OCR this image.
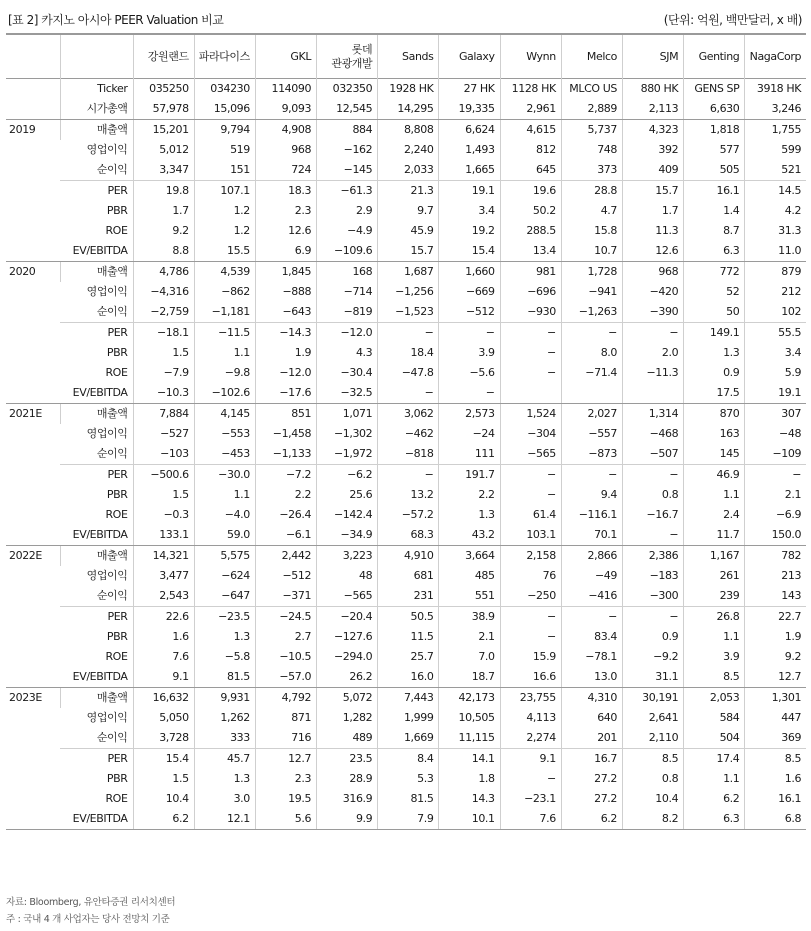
[표 2] 카지노 아시아 PEER Valuation 비교	(단위: 억원, 백만달러, x 배)
		강원랜드	파라다이스	GKL	롯데
관광개발	Sands	Galaxy	Wynn	Melco	SJM	Genting	NagaCorp
	Ticker	035250	034230	114090	032350	1928 HK	27 HK	1128 HK	MLCO US	880 HK	GENS SP	3918 HK
	시가총액	57,978	15,096	9,093	12,545	14,295	19,335	2,961	2,889	2,113	6,630	3,246
2019	매출액	15,201	9,794	4,908	884	8,808	6,624	4,615	5,737	4,323	1,818	1,755
	영업이익	5,012	519	968	−162	2,240	1,493	812	748	392	577	599
	순이익	3,347	151	724	−145	2,033	1,665	645	373	409	505	521
	PER	19.8	107.1	18.3	−61.3	21.3	19.1	19.6	28.8	15.7	16.1	14.5
	PBR	1.7	1.2	2.3	2.9	9.7	3.4	50.2	4.7	1.7	1.4	4.2
	ROE	9.2	1.2	12.6	−4.9	45.9	19.2	288.5	15.8	11.3	8.7	31.3
	EV/EBITDA	8.8	15.5	6.9	−109.6	15.7	15.4	13.4	10.7	12.6	6.3	11.0
2020	매출액	4,786	4,539	1,845	168	1,687	1,660	981	1,728	968	772	879
	영업이익	−4,316	−862	−888	−714	−1,256	−669	−696	−941	−420	52	212
	순이익	−2,759	−1,181	−643	−819	−1,523	−512	−930	−1,263	−390	50	102
	PER	−18.1	−11.5	−14.3	−12.0	−	−	−	−	−	149.1	55.5
	PBR	1.5	1.1	1.9	4.3	18.4	3.9	−	8.0	2.0	1.3	3.4
	ROE	−7.9	−9.8	−12.0	−30.4	−47.8	−5.6	−	−71.4	−11.3	0.9	5.9
	EV/EBITDA	−10.3	−102.6	−17.6	−32.5	−	−				17.5	19.1
2021E	매출액	7,884	4,145	851	1,071	3,062	2,573	1,524	2,027	1,314	870	307
	영업이익	−527	−553	−1,458	−1,302	−462	−24	−304	−557	−468	163	−48
	순이익	−103	−453	−1,133	−1,972	−818	111	−565	−873	−507	145	−109
	PER	−500.6	−30.0	−7.2	−6.2	−	191.7	−	−	−	46.9	−
	PBR	1.5	1.1	2.2	25.6	13.2	2.2	−	9.4	0.8	1.1	2.1
	ROE	−0.3	−4.0	−26.4	−142.4	−57.2	1.3	61.4	−116.1	−16.7	2.4	−6.9
	EV/EBITDA	133.1	59.0	−6.1	−34.9	68.3	43.2	103.1	70.1	−	11.7	150.0
2022E	매출액	14,321	5,575	2,442	3,223	4,910	3,664	2,158	2,866	2,386	1,167	782
	영업이익	3,477	−624	−512	48	681	485	76	−49	−183	261	213
	순이익	2,543	−647	−371	−565	231	551	−250	−416	−300	239	143
	PER	22.6	−23.5	−24.5	−20.4	50.5	38.9	−	−	−	26.8	22.7
	PBR	1.6	1.3	2.7	−127.6	11.5	2.1	−	83.4	0.9	1.1	1.9
	ROE	7.6	−5.8	−10.5	−294.0	25.7	7.0	15.9	−78.1	−9.2	3.9	9.2
	EV/EBITDA	9.1	81.5	−57.0	26.2	16.0	18.7	16.6	13.0	31.1	8.5	12.7
2023E	매출액	16,632	9,931	4,792	5,072	7,443	42,173	23,755	4,310	30,191	2,053	1,301
	영업이익	5,050	1,262	871	1,282	1,999	10,505	4,113	640	2,641	584	447
	순이익	3,728	333	716	489	1,669	11,115	2,274	201	2,110	504	369
	PER	15.4	45.7	12.7	23.5	8.4	14.1	9.1	16.7	8.5	17.4	8.5
	PBR	1.5	1.3	2.3	28.9	5.3	1.8	−	27.2	0.8	1.1	1.6
	ROE	10.4	3.0	19.5	316.9	81.5	14.3	−23.1	27.2	10.4	6.2	16.1
	EV/EBITDA	6.2	12.1	5.6	9.9	7.9	10.1	7.6	6.2	8.2	6.3	6.8
자료: Bloomberg, 유안타증권 리서치센터
주 : 국내 4 개 사업자는 당사 전망치 기준
